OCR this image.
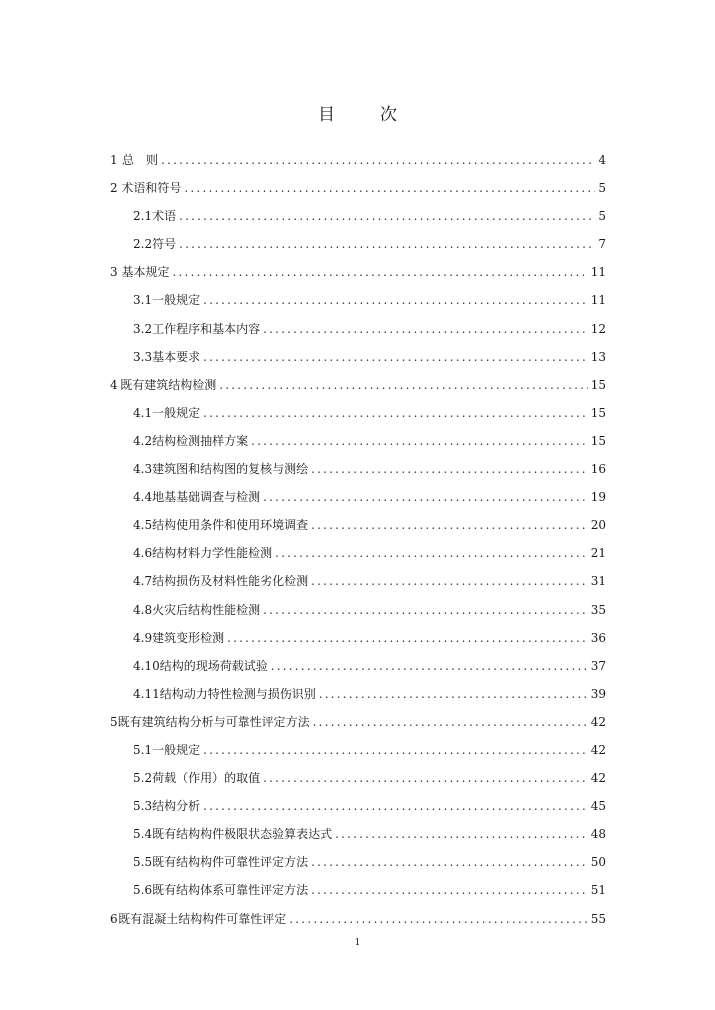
目　次
1 总　则 .....	4
2 术语和符号 .....	5
2.1 术语 .....	5
2.2 符号 .....	7
3 基本规定 .....	11
3.1 一般规定 .....	11
3.2 工作程序和基本内容 .....	12
3.3 基本要求 .....	13
4 既有建筑结构检测 .....	15
4.1 一般规定 .....	15
4.2 结构检测抽样方案 .....	15
4.3 建筑图和结构图的复核与测绘 .....	16
4.4 地基基础调查与检测 .....	19
4.5 结构使用条件和使用环境调查 .....	20
4.6 结构材料力学性能检测 .....	21
4.7 结构损伤及材料性能劣化检测 .....	31
4.8 火灾后结构性能检测 .....	35
4.9 建筑变形检测 .....	36
4.10 结构的现场荷载试验 .....	37
4.11 结构动力特性检测与损伤识别 .....	39
5 既有建筑结构分析与可靠性评定方法 .....	42
5.1 一般规定 .....	42
5.2 荷载（作用）的取值 .....	42
5.3 结构分析 .....	45
5.4 既有结构构件极限状态验算表达式 .....	48
5.5 既有结构构件可靠性评定方法 .....	50
5.6 既有结构体系可靠性评定方法 .....	51
6 既有混凝土结构构件可靠性评定 .....	55
1
